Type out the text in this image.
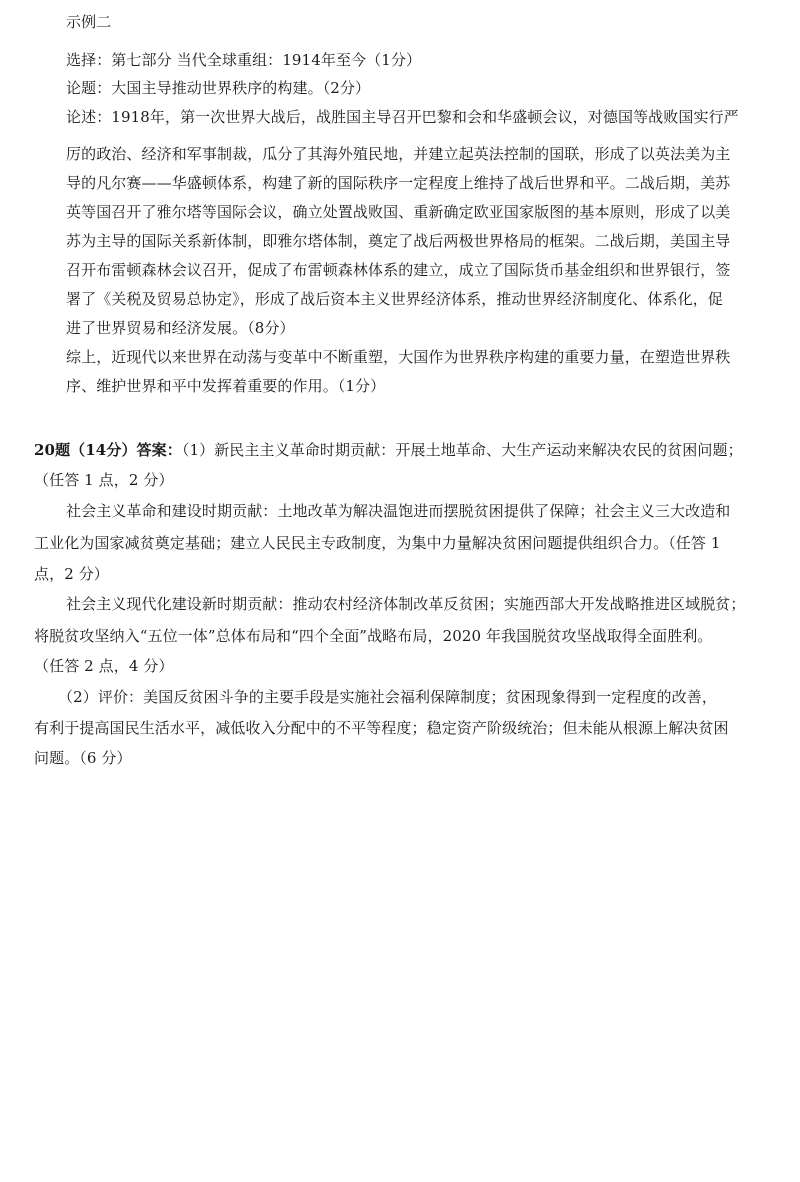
示例二
选择：第七部分 当代全球重组：1914年至今（1分）
论题：大国主导推动世界秩序的构建。（2分）
论述：1918年，第一次世界大战后，战胜国主导召开巴黎和会和华盛顿会议，对德国等战败国实行严
厉的政治、经济和军事制裁，瓜分了其海外殖民地，并建立起英法控制的国联，形成了以英法美为主
导的凡尔赛——华盛顿体系，构建了新的国际秩序一定程度上维持了战后世界和平。二战后期，美苏
英等国召开了雅尔塔等国际会议，确立处置战败国、重新确定欧亚国家版图的基本原则，形成了以美
苏为主导的国际关系新体制，即雅尔塔体制，奠定了战后两极世界格局的框架。二战后期，美国主导
召开布雷顿森林会议召开，促成了布雷顿森林体系的建立，成立了国际货币基金组织和世界银行，签
署了《关税及贸易总协定》，形成了战后资本主义世界经济体系，推动世界经济制度化、体系化，促
进了世界贸易和经济发展。（8分）
综上，近现代以来世界在动荡与变革中不断重塑，大国作为世界秩序构建的重要力量，在塑造世界秩
序、维护世界和平中发挥着重要的作用。（1分）
20题（14分）答案：（1）新民主主义革命时期贡献：开展土地革命、大生产运动来解决农民的贫困问题；
（任答 1 点，2 分）
社会主义革命和建设时期贡献：土地改革为解决温饱进而摆脱贫困提供了保障；社会主义三大改造和
工业化为国家减贫奠定基础；建立人民民主专政制度，为集中力量解决贫困问题提供组织合力。（任答 1
点，2 分）
社会主义现代化建设新时期贡献：推动农村经济体制改革反贫困；实施西部大开发战略推进区域脱贫；
将脱贫攻坚纳入“五位一体”总体布局和“四个全面”战略布局，2020 年我国脱贫攻坚战取得全面胜利。
（任答 2 点，4 分）
（2）评价：美国反贫困斗争的主要手段是实施社会福利保障制度；贫困现象得到一定程度的改善，
有利于提高国民生活水平，减低收入分配中的不平等程度；稳定资产阶级统治；但未能从根源上解决贫困
问题。（6 分）
